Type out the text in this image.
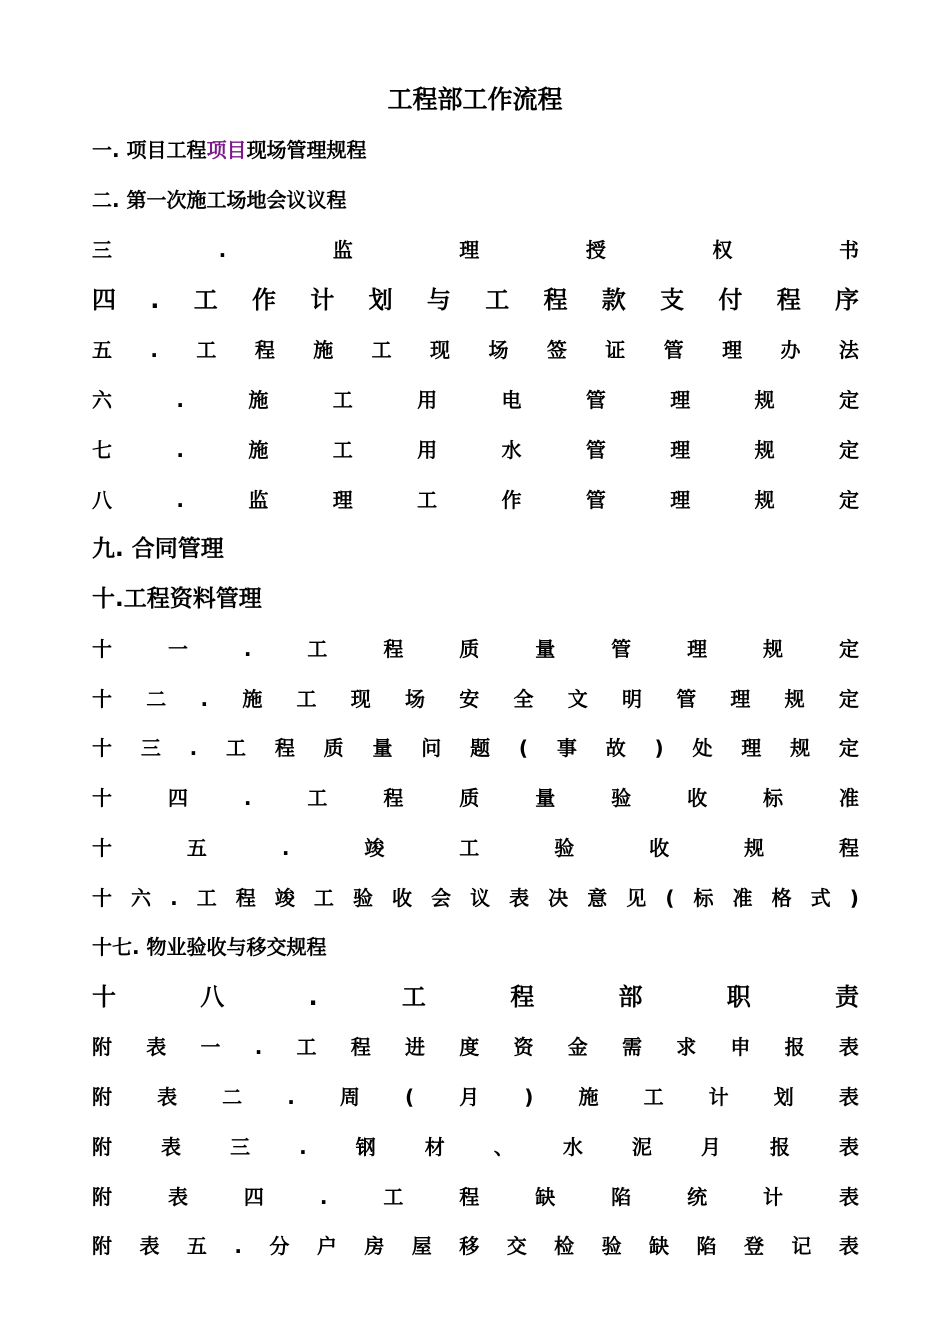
工程部工作流程
一. 项目工程项目现场管理规程
二. 第一次施工场地会议议程
三	.	监	理	授	权	书
四 . 工 作 计 划 与 工 程 款 支 付 程 序
五 . 工 程 施 工 现 场 签 证 管 理 办 法
六	.	施	工	用	电	管	理	规	定
七	.	施	工	用	水	管	理	规	定
八	.	监	理	工	作	管	理	规	定
九. 合同管理
十.工程资料管理
十	一	.	工	程	质	量	管	理	规	定
十 二 . 施 工 现 场 安 全 文 明 管 理 规 定
十 三 . 工 程 质 量 问 题 ( 事 故 ) 处 理 规 定
十	四	.	工	程	质	量	验	收	标	准
十	五	.	竣	工	验	收	规	程
十 六 . 工 程 竣 工 验 收 会 议 表 决 意 见 ( 标 准 格 式 )
十七. 物业验收与移交规程
十	八	.	工	程	部	职	责
附 表 一 . 工 程 进 度 资 金 需 求 申 报 表
附 表 二 . 周 ( 月 ) 施 工 计 划 表
附 表 三 . 钢 材 、 水 泥 月 报 表
附	表	四	.	工	程	缺	陷	统	计	表
附 表 五 . 分 户 房 屋 移 交 检 验 缺 陷 登 记 表
